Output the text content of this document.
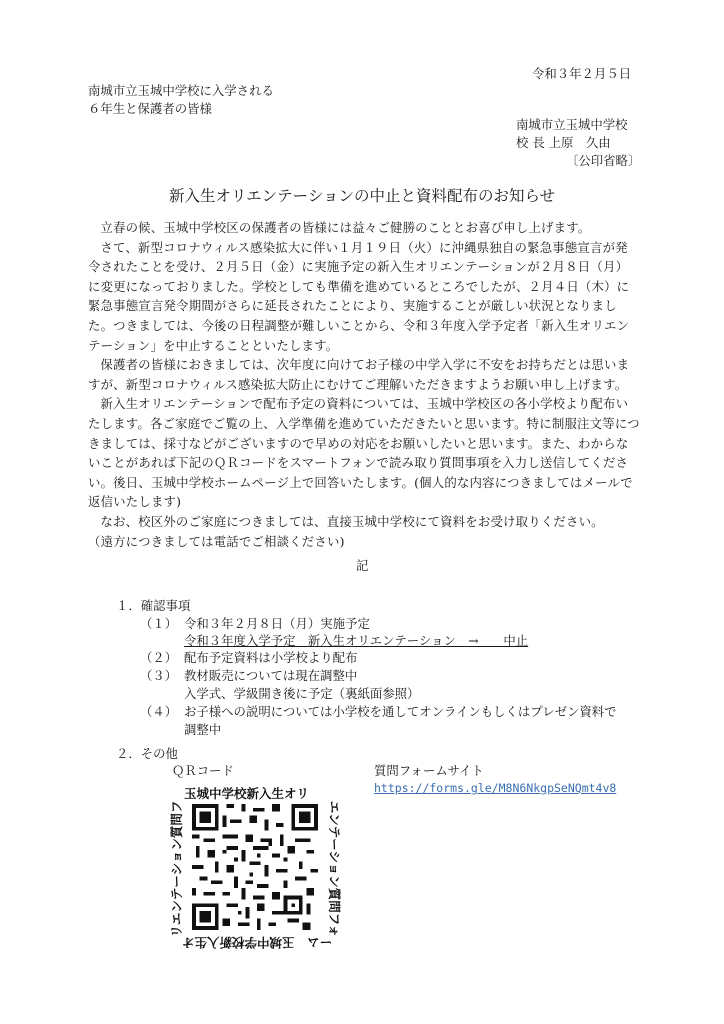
令和３年２月５日
南城市立玉城中学校に入学される
６年生と保護者の皆様
南城市立玉城中学校
校 長 上原　久由
〔公印省略〕
新入生オリエンテーションの中止と資料配布のお知らせ

立春の候、玉城中学校区の保護者の皆様には益々ご健勝のこととお喜び申し上げます。

さて、新型コロナウィルス感染拡大に伴い１月１９日（火）に沖縄県独自の緊急事態宣言が発令されたことを受け、２月５日（金）に実施予定の新入生オリエンテーションが２月８日（月）に変更になっておりました。学校としても準備を進めているところでしたが、２月４日（木）に緊急事態宣言発令期間がさらに延長されたことにより、実施することが厳しい状況となりました。つきましては、今後の日程調整が難しいことから、令和３年度入学予定者「新入生オリエンテーション」を中止することといたします。

保護者の皆様におきましては、次年度に向けてお子様の中学入学に不安をお持ちだとは思いますが、新型コロナウィルス感染拡大防止にむけてご理解いただきますようお願い申し上げます。

新入生オリエンテーションで配布予定の資料については、玉城中学校区の各小学校より配布いたします。各ご家庭でご覧の上、入学準備を進めていただきたいと思います。特に制服注文等につきましては、採寸などがございますので早めの対応をお願いしたいと思います。また、わからないことがあれば下記のＱＲコードをスマートフォンで読み取り質問事項を入力し送信してください。後日、玉城中学校ホームページ上で回答いたします。(個人的な内容につきましてはメールで返信いたします)

なお、校区外のご家庭につきましては、直接玉城中学校にて資料をお受け取りください。

（遠方につきましては電話でご相談ください)

記
１．確認事項
（１） 令和３年２月８日（月）実施予定
令和３年度入学予定　新入生オリエンテーション　→　　中止
（２） 配布予定資料は小学校より配布
（３） 教材販売については現在調整中
入学式、学級開き後に予定（裏紙面参照）
（４） お子様への説明については小学校を通してオンラインもしくはプレゼン資料で
調整中
２．その他
ＱＲコード	質問フォームサイト
https://forms.gle/M8N6NkgpSeNQmt4v8
玉城中学校新入生オリ
エンテーション質問フォ
ーム　玉城中学校新入生オ
リエンテーション質問フ
